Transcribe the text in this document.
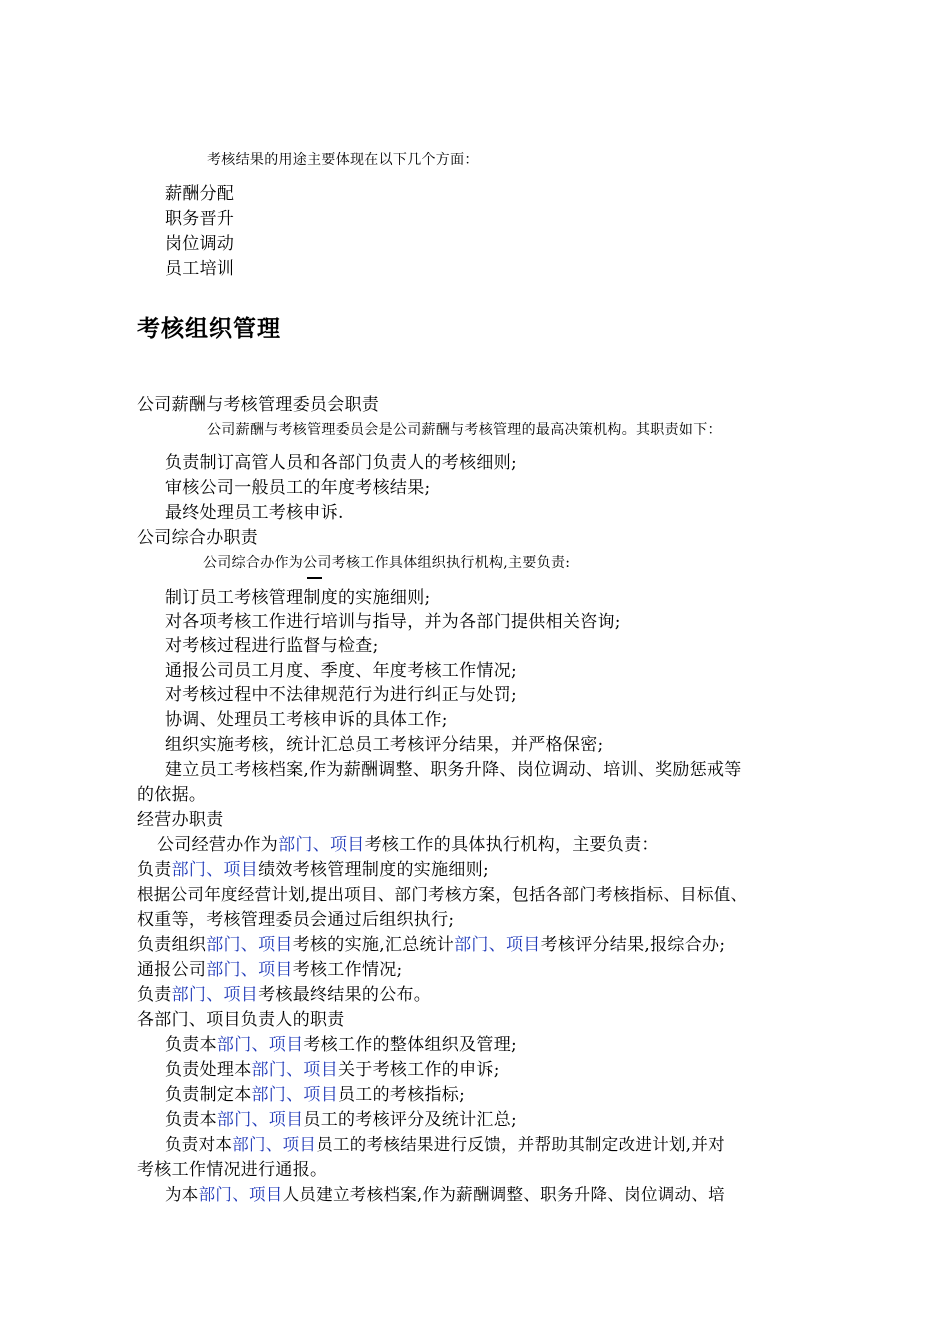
考核结果的用途主要体现在以下几个方面：
薪酬分配
职务晋升
岗位调动
员工培训
考核组织管理
公司薪酬与考核管理委员会职责
公司薪酬与考核管理委员会是公司薪酬与考核管理的最高决策机构。其职责如下：
负责制订高管人员和各部门负责人的考核细则;
审核公司一般员工的年度考核结果;
最终处理员工考核申诉.
公司综合办职责
公司综合办作为公司考核工作具体组织执行机构,主要负责:
制订员工考核管理制度的实施细则;
对各项考核工作进行培训与指导，并为各部门提供相关咨询;
对考核过程进行监督与检查;
通报公司员工月度、季度、年度考核工作情况;
对考核过程中不法律规范行为进行纠正与处罚;
协调、处理员工考核申诉的具体工作;
组织实施考核，统计汇总员工考核评分结果，并严格保密;
建立员工考核档案,作为薪酬调整、职务升降、岗位调动、培训、奖励惩戒等
的依据。
经营办职责
公司经营办作为部门、项目考核工作的具体执行机构，主要负责：
负责部门、项目绩效考核管理制度的实施细则;
根据公司年度经营计划,提出项目、部门考核方案，包括各部门考核指标、目标值、
权重等，考核管理委员会通过后组织执行;
负责组织部门、项目考核的实施,汇总统计部门、项目考核评分结果,报综合办;
通报公司部门、项目考核工作情况;
负责部门、项目考核最终结果的公布。
各部门、项目负责人的职责
负责本部门、项目考核工作的整体组织及管理;
负责处理本部门、项目关于考核工作的申诉;
负责制定本部门、项目员工的考核指标;
负责本部门、项目员工的考核评分及统计汇总;
负责对本部门、项目员工的考核结果进行反馈，并帮助其制定改进计划,并对
考核工作情况进行通报。
为本部门、项目人员建立考核档案,作为薪酬调整、职务升降、岗位调动、培
